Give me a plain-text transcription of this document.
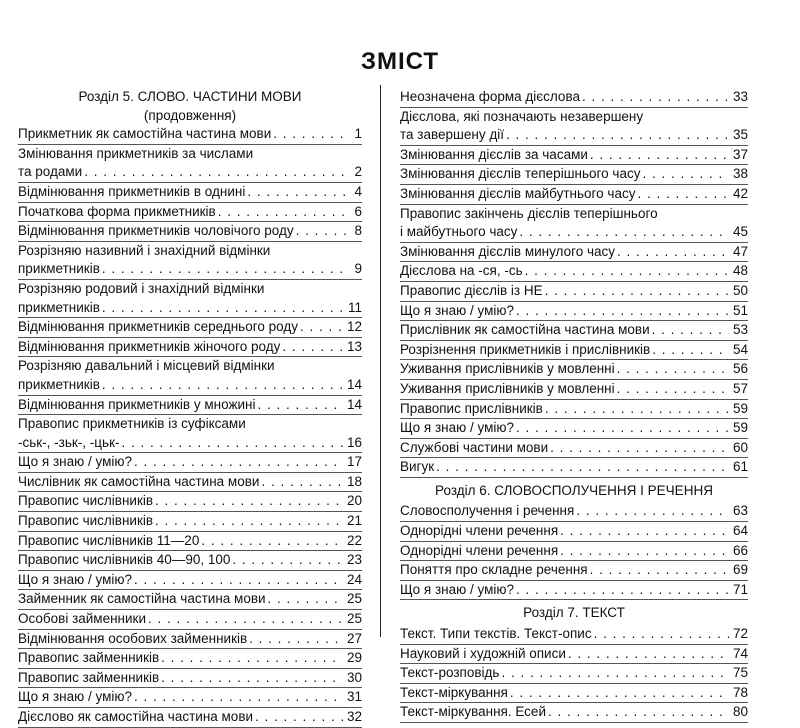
ЗМІСТ
Розділ 5. СЛОВО. ЧАСТИНИ МОВИ
(продовження)
Прикметник як самостійна частина мови . . .	1
Змінювання прикметників за числами
та родами . . .	2
Відмінювання прикметників в однині . . .	4
Початкова форма прикметників . . .	6
Відмінювання прикметників чоловічого роду . . .	8
Розрізняю називний і знахідний відмінки
прикметників . . .	9
Розрізняю родовий і знахідний відмінки
прикметників . . .	11
Відмінювання прикметників середнього роду . . .	12
Відмінювання прикметників жіночого роду . . .	13
Розрізняю давальний і місцевий відмінки
прикметників . . .	14
Відмінювання прикметників у множині . . .	14
Правопис прикметників із суфіксами
-ськ-, -зьк-, -цьк- . . .	16
Що я знаю / умію? . . .	17
Числівник як самостійна частина мови . . .	18
Правопис числівників . . .	20
Правопис числівників . . .	21
Правопис числівників 11—20 . . .	22
Правопис числівників 40—90, 100 . . .	23
Що я знаю / умію? . . .	24
Займенник як самостійна частина мови . . .	25
Особові займенники . . .	25
Відмінювання особових займенників . . .	27
Правопис займенників . . .	29
Правопис займенників . . .	30
Що я знаю / умію? . . .	31
Дієслово як самостійна частина мови . . .	32
Неозначена форма дієслова . . .	33
Дієслова, які позначають незавершену
та завершену дії . . .	35
Змінювання дієслів за часами . . .	37
Змінювання дієслів теперішнього часу . . .	38
Змінювання дієслів майбутнього часу . . .	42
Правопис закінчень дієслів теперішнього
і майбутнього часу . . .	45
Змінювання дієслів минулого часу . . .	47
Дієслова на -ся, -сь . . .	48
Правопис дієслів із НЕ . . .	50
Що я знаю / умію? . . .	51
Прислівник як самостійна частина мови . . .	53
Розрізнення прикметників і прислівників . . .	54
Уживання прислівників у мовленні . . .	56
Уживання прислівників у мовленні . . .	57
Правопис прислівників . . .	59
Що я знаю / умію? . . .	59
Службові частини мови . . .	60
Вигук . . .	61
Розділ 6. СЛОВОСПОЛУЧЕННЯ І РЕЧЕННЯ
Словосполучення і речення . . .	63
Однорідні члени речення . . .	64
Однорідні члени речення . . .	66
Поняття про складне речення . . .	69
Що я знаю / умію? . . .	71
Розділ 7. ТЕКСТ
Текст. Типи текстів. Текст-опис . . .	72
Науковий і художній описи . . .	74
Текст-розповідь . . .	75
Текст-міркування . . .	78
Текст-міркування. Есей . . .	80
